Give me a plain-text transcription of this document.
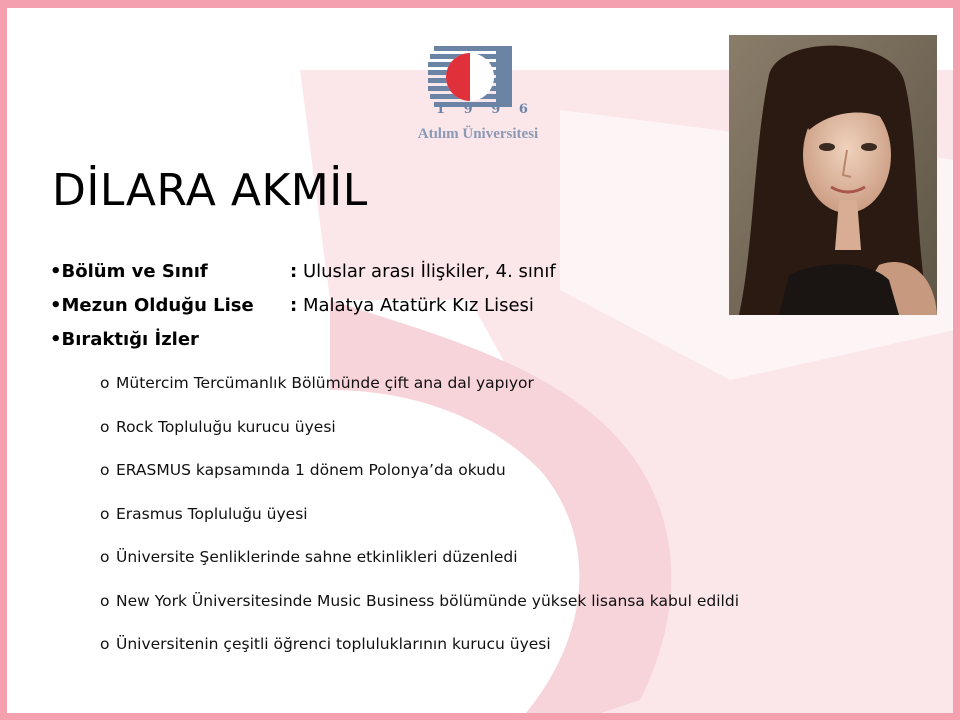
1 9 9 6
Atılım Üniversitesi
DİLARA AKMİL
•Bölüm ve Sınıf	: Uluslar arası İlişkiler, 4. sınıf
•Mezun Olduğu Lise : Malatya Atatürk Kız Lisesi
•Bıraktığı İzler
o Mütercim Tercümanlık Bölümünde çift ana dal yapıyor
o Rock Topluluğu kurucu üyesi
o ERASMUS kapsamında 1 dönem Polonya’da okudu
o Erasmus Topluluğu üyesi
o Üniversite Şenliklerinde sahne etkinlikleri düzenledi
o New York Üniversitesinde Music Business bölümünde yüksek lisansa kabul edildi
o Üniversitenin çeşitli öğrenci topluluklarının kurucu üyesi
